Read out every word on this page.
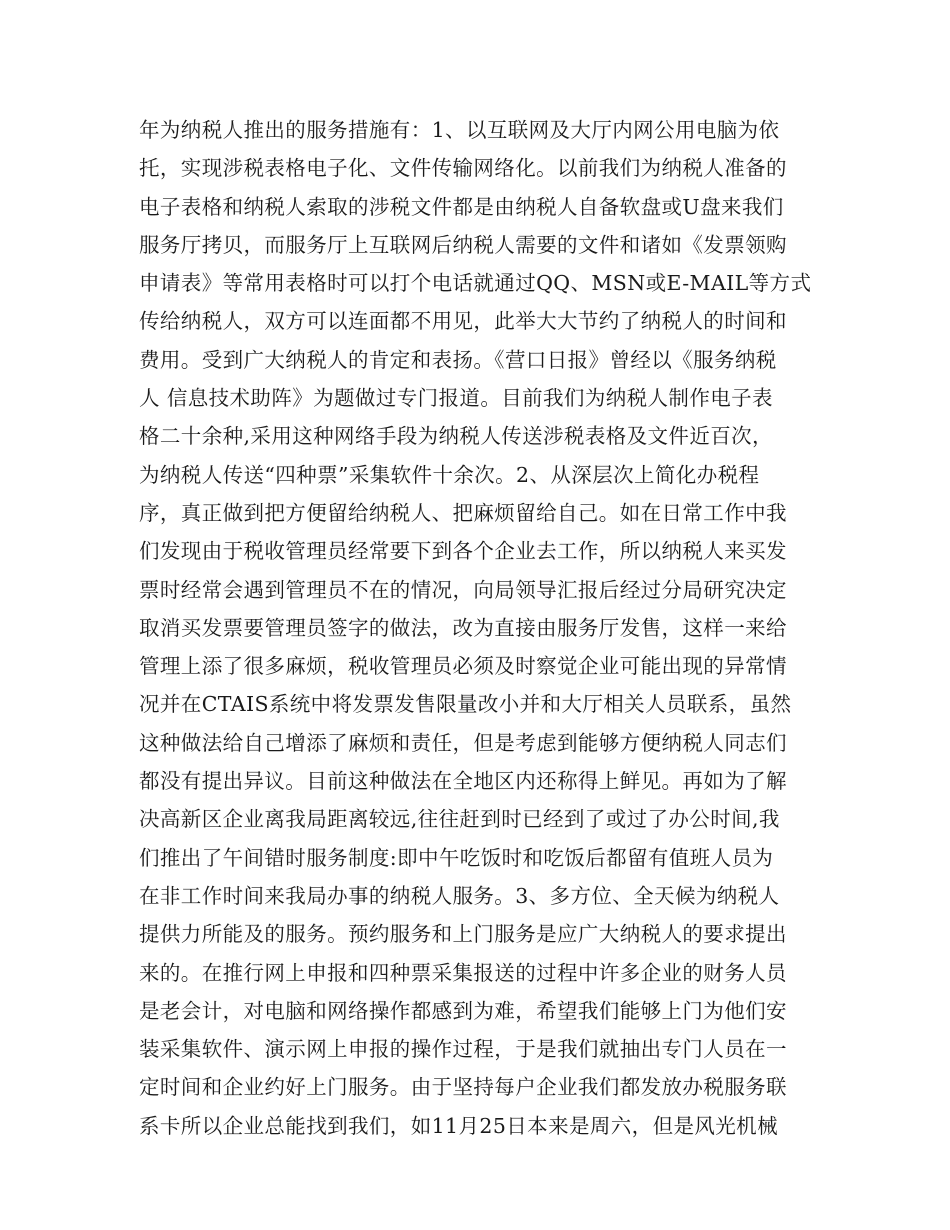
年为纳税人推出的服务措施有：1、以互联网及大厅内网公用电脑为依
托，实现涉税表格电子化、文件传输网络化。以前我们为纳税人准备的
电子表格和纳税人索取的涉税文件都是由纳税人自备软盘或U盘来我们
服务厅拷贝，而服务厅上互联网后纳税人需要的文件和诸如《发票领购
申请表》等常用表格时可以打个电话就通过QQ、MSN或E-MAIL等方式
传给纳税人，双方可以连面都不用见，此举大大节约了纳税人的时间和
费用。受到广大纳税人的肯定和表扬。《营口日报》曾经以《服务纳税
人 信息技术助阵》为题做过专门报道。目前我们为纳税人制作电子表
格二十余种,采用这种网络手段为纳税人传送涉税表格及文件近百次，
为纳税人传送“四种票”采集软件十余次。2、从深层次上简化办税程
序，真正做到把方便留给纳税人、把麻烦留给自己。如在日常工作中我
们发现由于税收管理员经常要下到各个企业去工作，所以纳税人来买发
票时经常会遇到管理员不在的情况，向局领导汇报后经过分局研究决定
取消买发票要管理员签字的做法，改为直接由服务厅发售，这样一来给
管理上添了很多麻烦，税收管理员必须及时察觉企业可能出现的异常情
况并在CTAIS系统中将发票发售限量改小并和大厅相关人员联系，虽然
这种做法给自己增添了麻烦和责任，但是考虑到能够方便纳税人同志们
都没有提出异议。目前这种做法在全地区内还称得上鲜见。再如为了解
决高新区企业离我局距离较远,往往赶到时已经到了或过了办公时间,我
们推出了午间错时服务制度:即中午吃饭时和吃饭后都留有值班人员为
在非工作时间来我局办事的纳税人服务。3、多方位、全天候为纳税人
提供力所能及的服务。预约服务和上门服务是应广大纳税人的要求提出
来的。在推行网上申报和四种票采集报送的过程中许多企业的财务人员
是老会计，对电脑和网络操作都感到为难，希望我们能够上门为他们安
装采集软件、演示网上申报的操作过程，于是我们就抽出专门人员在一
定时间和企业约好上门服务。由于坚持每户企业我们都发放办税服务联
系卡所以企业总能找到我们，如11月25日本来是周六，但是风光机械
